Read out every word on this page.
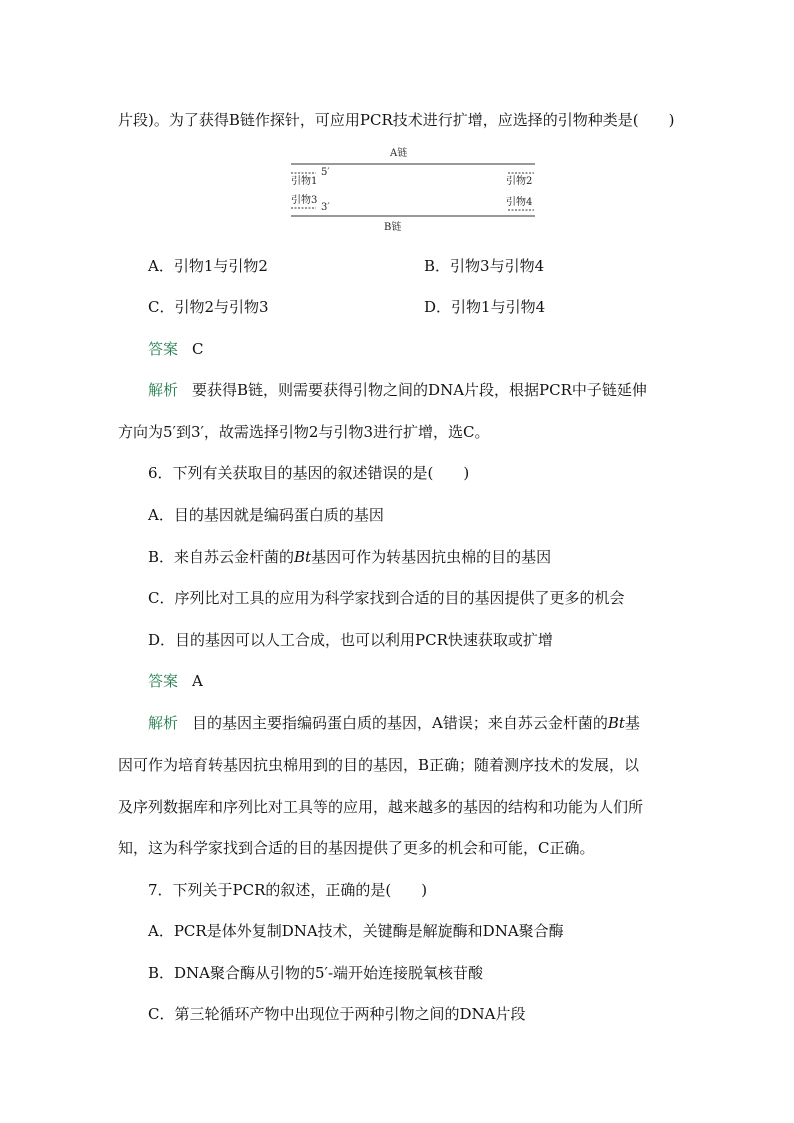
片段)。为了获得B链作探针，可应用PCR技术进行扩增，应选择的引物种类是(　　)
A链
5′
引物1	引物2
引物3
3′	引物4
B链
A．引物1与引物2	B．引物3与引物4
C．引物2与引物3	D．引物1与引物4
答案 C
解析 要获得B链，则需要获得引物之间的DNA片段，根据PCR中子链延伸
方向为5′到3′，故需选择引物2与引物3进行扩增，选C。
6．下列有关获取目的基因的叙述错误的是(　　)
A．目的基因就是编码蛋白质的基因
B．来自苏云金杆菌的Bt基因可作为转基因抗虫棉的目的基因
C．序列比对工具的应用为科学家找到合适的目的基因提供了更多的机会
D．目的基因可以人工合成，也可以利用PCR快速获取或扩增
答案 A
解析 目的基因主要指编码蛋白质的基因，A错误；来自苏云金杆菌的Bt基
因可作为培育转基因抗虫棉用到的目的基因，B正确；随着测序技术的发展，以
及序列数据库和序列比对工具等的应用，越来越多的基因的结构和功能为人们所
知，这为科学家找到合适的目的基因提供了更多的机会和可能，C正确。
7．下列关于PCR的叙述，正确的是(　　)
A．PCR是体外复制DNA技术，关键酶是解旋酶和DNA聚合酶
B．DNA聚合酶从引物的5′-端开始连接脱氧核苷酸
C．第三轮循环产物中出现位于两种引物之间的DNA片段
